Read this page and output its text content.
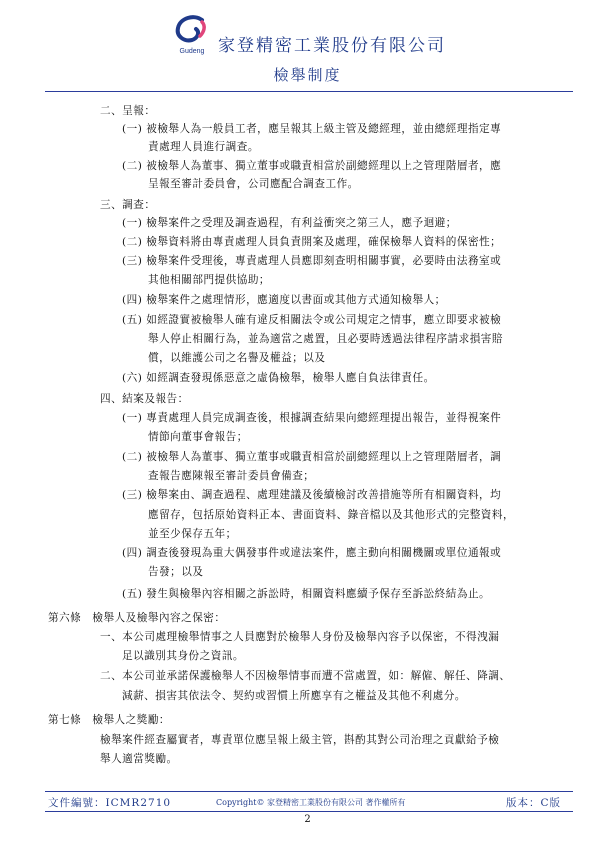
Gudeng 家登精密工業股份有限公司
檢舉制度
二、呈報：
(一) 被檢舉人為一般員工者，應呈報其上級主管及總經理，並由總經理指定專
責處理人員進行調查。
(二) 被檢舉人為董事、獨立董事或職責相當於副總經理以上之管理階層者，應
呈報至審計委員會，公司應配合調查工作。
三、調查：
(一) 檢舉案件之受理及調查過程，有利益衝突之第三人，應予迴避；
(二) 檢舉資料將由專責處理人員負責開案及處理，確保檢舉人資料的保密性；
(三) 檢舉案件受理後，專責處理人員應即刻查明相關事實，必要時由法務室或
其他相關部門提供協助；
(四) 檢舉案件之處理情形，應適度以書面或其他方式通知檢舉人；
(五) 如經證實被檢舉人確有違反相關法令或公司規定之情事，應立即要求被檢
舉人停止相關行為，並為適當之處置，且必要時透過法律程序請求損害賠
償，以維護公司之名譽及權益；以及
(六) 如經調查發現係惡意之虛偽檢舉，檢舉人應自負法律責任。
四、結案及報告：
(一) 專責處理人員完成調查後，根據調查結果向總經理提出報告，並得視案件
情節向董事會報告；
(二) 被檢舉人為董事、獨立董事或職責相當於副總經理以上之管理階層者，調
查報告應陳報至審計委員會備查；
(三) 檢舉案由、調查過程、處理建議及後續檢討改善措施等所有相關資料，均
應留存，包括原始資料正本、書面資料、錄音檔以及其他形式的完整資料，
並至少保存五年；
(四) 調查後發現為重大偶發事件或違法案件，應主動向相關機關或單位通報或
告發；以及
(五) 發生與檢舉內容相關之訴訟時，相關資料應續予保存至訴訟終結為止。
第六條　檢舉人及檢舉內容之保密：
一、本公司處理檢舉情事之人員應對於檢舉人身份及檢舉內容予以保密，不得洩漏
足以識別其身份之資訊。
二、本公司並承諾保護檢舉人不因檢舉情事而遭不當處置，如：解僱、解任、降調、
減薪、損害其依法令、契約或習慣上所應享有之權益及其他不利處分。
第七條　檢舉人之獎勵：
檢舉案件經查屬實者，專責單位應呈報上級主管，斟酌其對公司治理之貢獻給予檢
舉人適當獎勵。
文件編號：ICMR2710	Copyright© 家登精密工業股份有限公司 著作權所有	版本：C版
2
